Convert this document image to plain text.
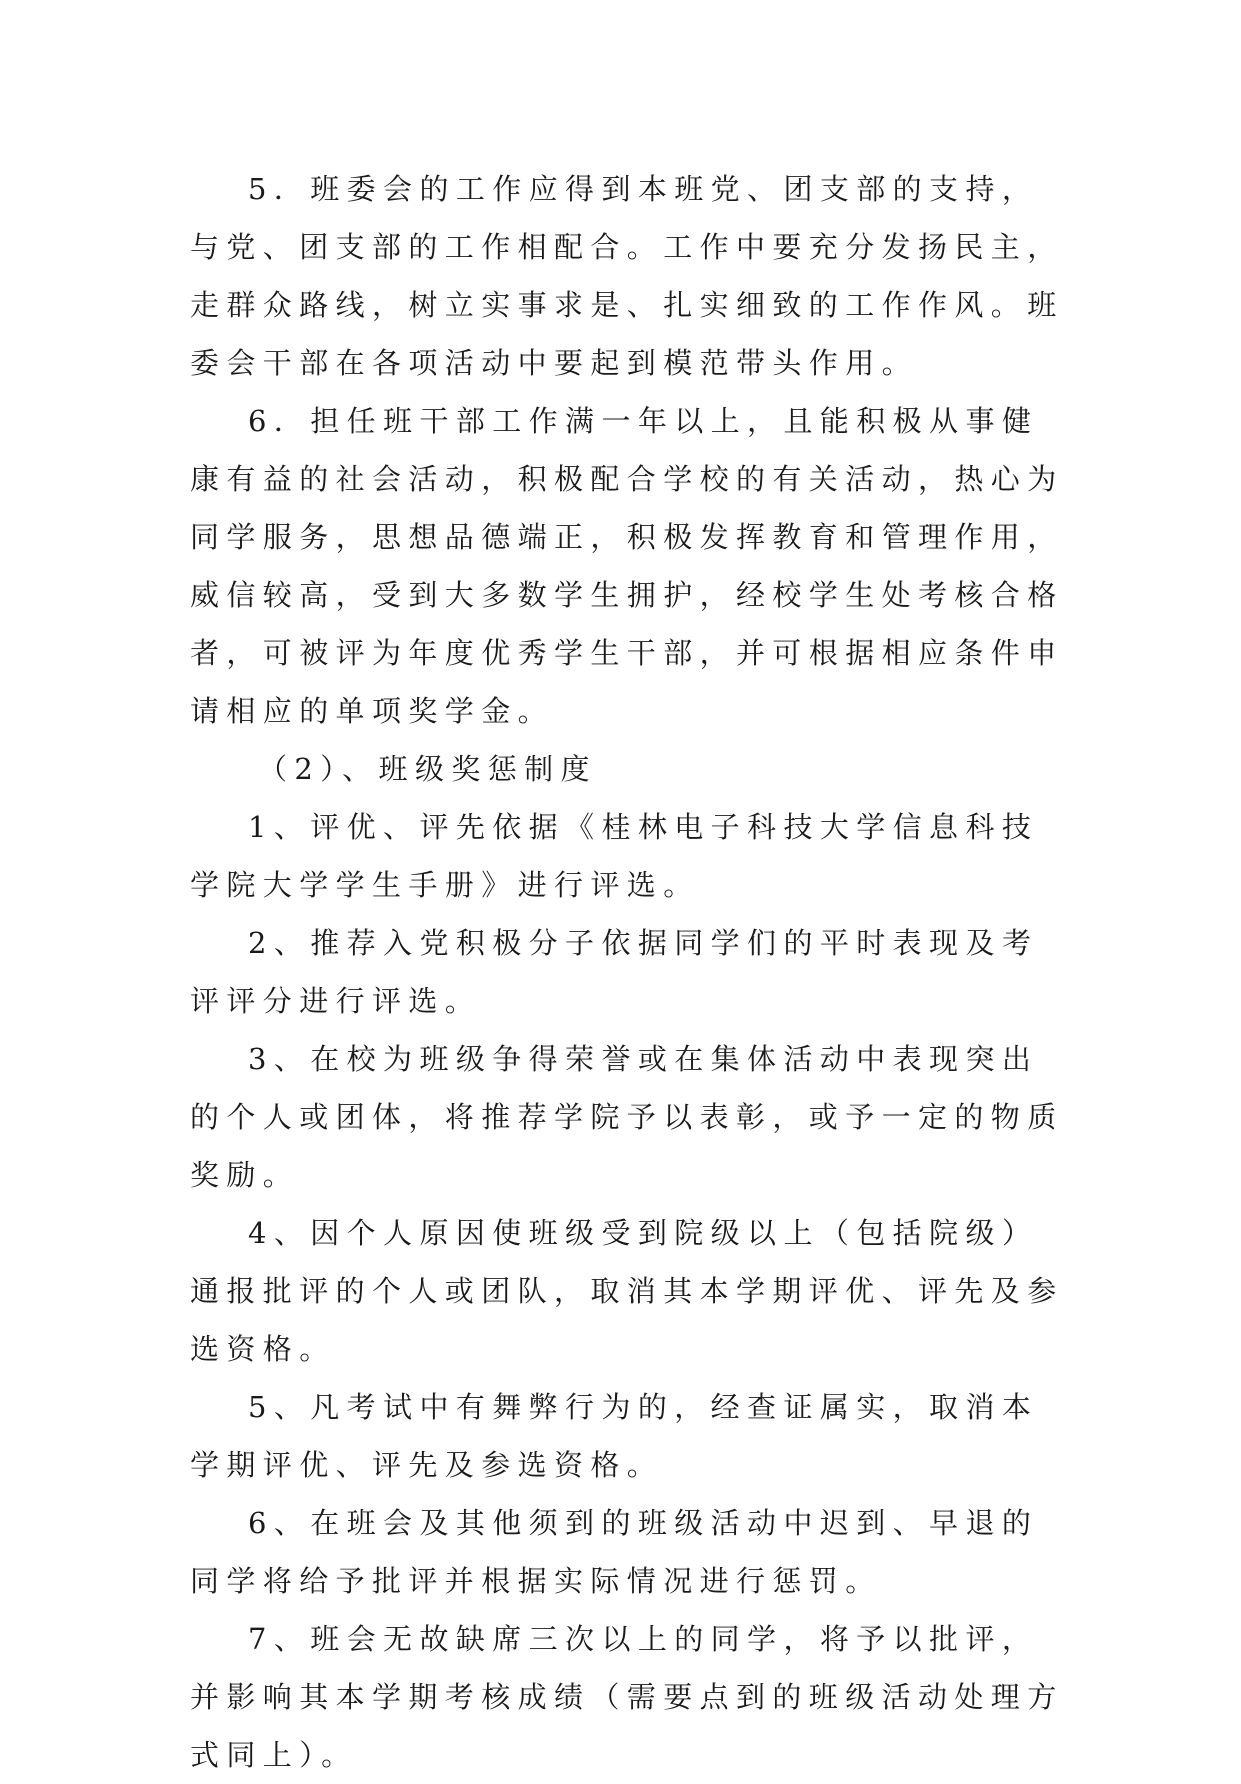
5．班委会的工作应得到本班党、团支部的支持，与党、团支部的工作相配合。工作中要充分发扬民主，走群众路线，树立实事求是、扎实细致的工作作风。班委会干部在各项活动中要起到模范带头作用。

6．担任班干部工作满一年以上，且能积极从事健康有益的社会活动，积极配合学校的有关活动，热心为同学服务，思想品德端正，积极发挥教育和管理作用，威信较高，受到大多数学生拥护，经校学生处考核合格者，可被评为年度优秀学生干部，并可根据相应条件申请相应的单项奖学金。

（2）、班级奖惩制度

1、评优、评先依据《桂林电子科技大学信息科技学院大学学生手册》进行评选。

2、推荐入党积极分子依据同学们的平时表现及考评评分进行评选。

3、在校为班级争得荣誉或在集体活动中表现突出的个人或团体，将推荐学院予以表彰，或予一定的物质奖励。

4、因个人原因使班级受到院级以上（包括院级）通报批评的个人或团队，取消其本学期评优、评先及参选资格。

5、凡考试中有舞弊行为的，经查证属实，取消本学期评优、评先及参选资格。

6、在班会及其他须到的班级活动中迟到、早退的同学将给予批评并根据实际情况进行惩罚。

7、班会无故缺席三次以上的同学，将予以批评，并影响其本学期考核成绩（需要点到的班级活动处理方式同上）。
